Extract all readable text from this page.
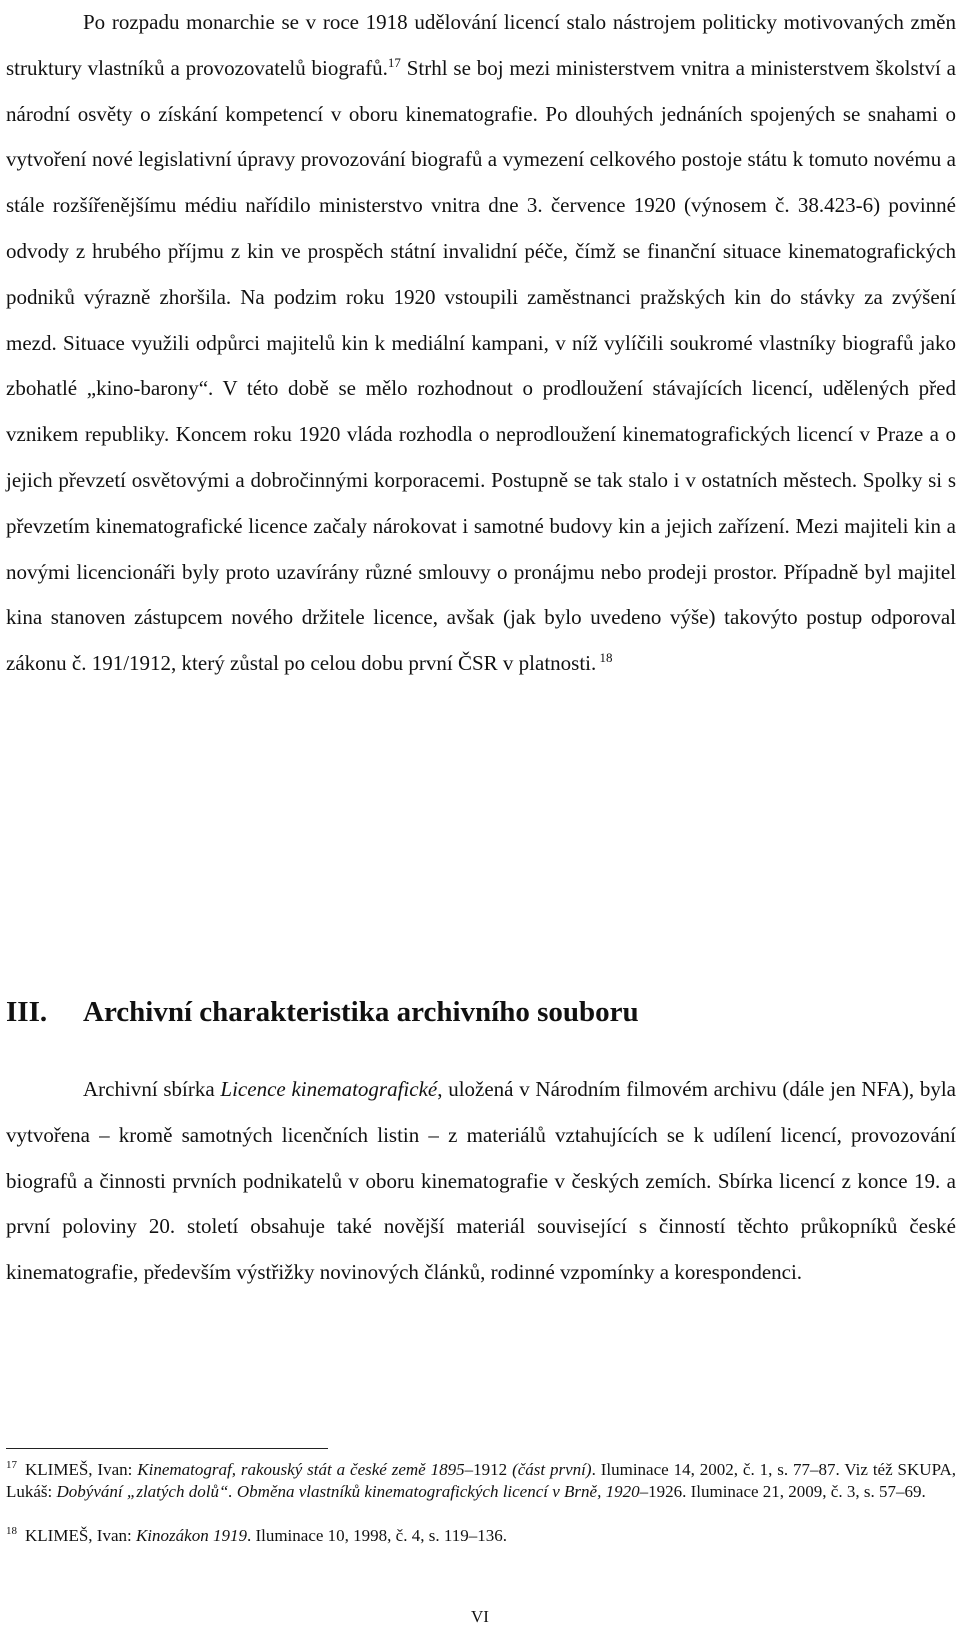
Po rozpadu monarchie se v roce 1918 udělování licencí stalo nástrojem politicky motivovaných změn struktury vlastníků a provozovatelů biografů.$^{17}$ Strhl se boj mezi ministerstvem vnitra a ministerstvem školství a národní osvěty o získání kompetencí v oboru kinematografie. Po dlouhých jednáních spojených se snahami o vytvoření nové legislativní úpravy provozování biografů a vymezení celkového postoje státu k tomuto novému a stále rozšířenějšímu médiu nařídilo ministerstvo vnitra dne 3. července 1920 (výnosem č. 38.423-6) povinné odvody z hrubého příjmu z kin ve prospěch státní invalidní péče, čímž se finanční situace kinematografických podniků výrazně zhoršila. Na podzim roku 1920 vstoupili zaměstnanci pražských kin do stávky za zvýšení mezd. Situace využili odpůrci majitelů kin k mediální kampani, v níž vylíčili soukromé vlastníky biografů jako zbohatlé „kino-barony“. V této době se mělo rozhodnout o prodloužení stávajících licencí, udělených před vznikem republiky. Koncem roku 1920 vláda rozhodla o neprodloužení kinematografických licencí v Praze a o jejich převzetí osvětovými a dobročinnými korporacemi. Postupně se tak stalo i v ostatních městech. Spolky si s převzetím kinematografické licence začaly nárokovat i samotné budovy kin a jejich zařízení. Mezi majiteli kin a novými licencionáři byly proto uzavírány různé smlouvy o pronájmu nebo prodeji prostor. Případně byl majitel kina stanoven zástupcem nového držitele licence, avšak (jak bylo uvedeno výše) takovýto postup odporoval zákonu č. 191/1912, který zůstal po celou dobu první ČSR v platnosti. $^{18}$

III. Archivní charakteristika archivního souboru

Archivní sbírka Licence kinematografické, uložená v Národním filmovém archivu (dále jen NFA), byla vytvořena – kromě samotných licenčních listin – z materiálů vztahujících se k udílení licencí, provozování biografů a činnosti prvních podnikatelů v oboru kinematografie v českých zemích. Sbírka licencí z konce 19. a první poloviny 20. století obsahuje také novější materiál související s činností těchto průkopníků české kinematografie, především výstřižky novinových článků, rodinné vzpomínky a korespondenci.

$^{17}$ KLIMEŠ, Ivan: Kinematograf, rakouský stát a české země 1895–1912 (část první). Iluminace 14, 2002, č. 1, s. 77–87. Viz též SKUPA, Lukáš: Dobývání „zlatých dolů“. Obměna vlastníků kinematografických licencí v Brně, 1920–1926. Iluminace 21, 2009, č. 3, s. 57–69.

$^{18}$ KLIMEŠ, Ivan: Kinozákon 1919. Iluminace 10, 1998, č. 4, s. 119–136.

VI
